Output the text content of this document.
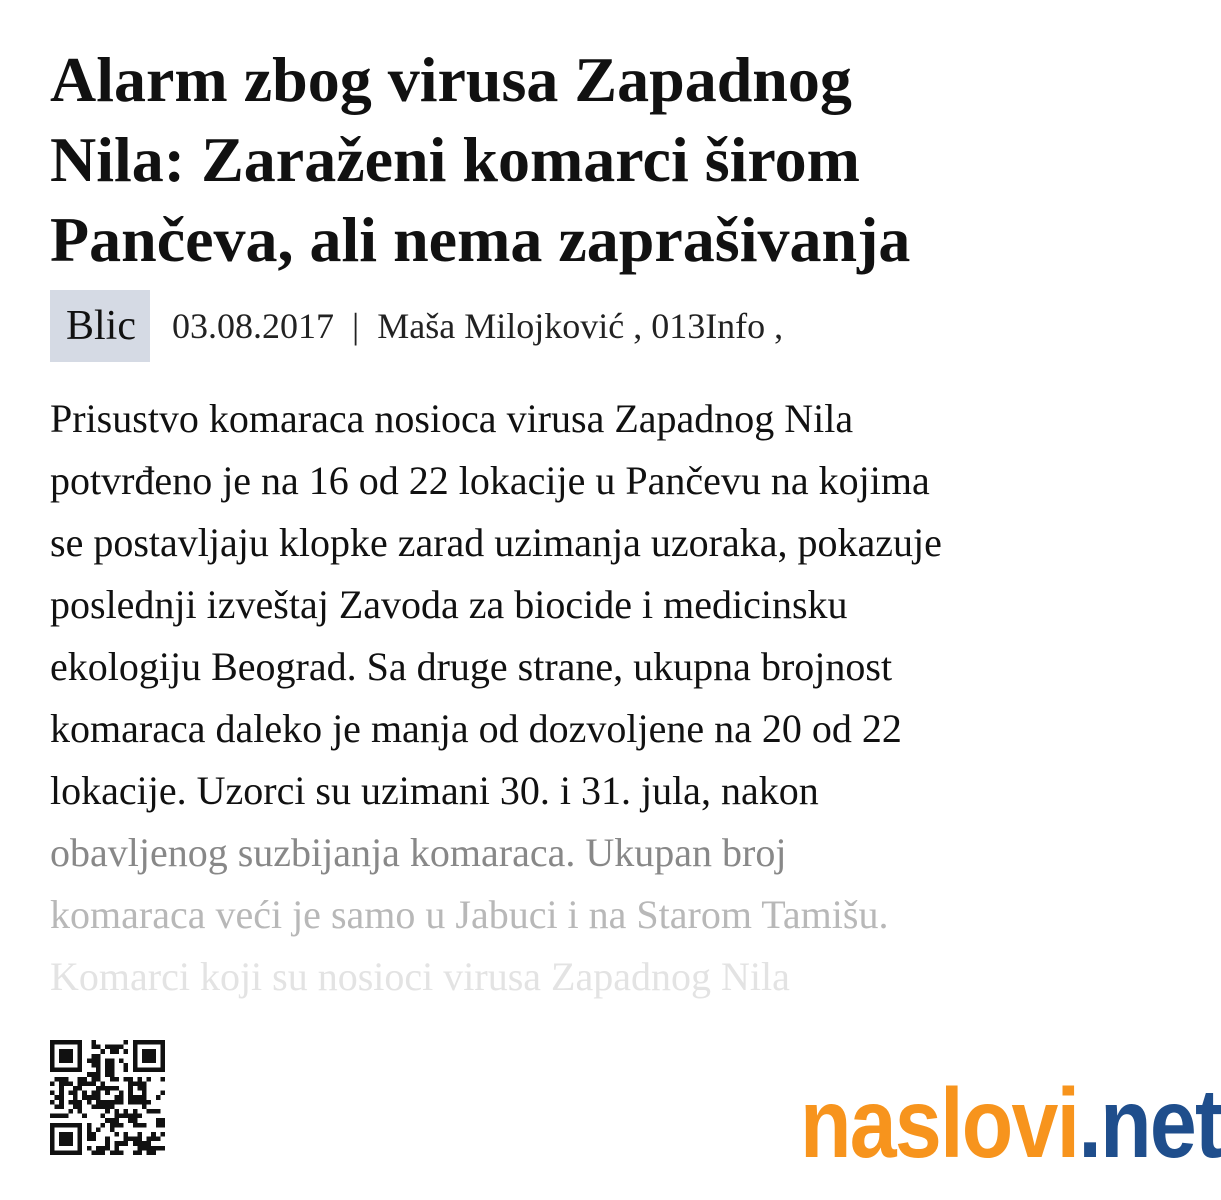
Alarm zbog virusa Zapadnog
Nila: Zaraženi komarci širom
Pančeva, ali nema zaprašivanja
Blic	03.08.2017 | Maša Milojković , 013Info ,
Prisustvo komaraca nosioca virusa Zapadnog Nila
potvrđeno je na 16 od 22 lokacije u Pančevu na kojima
se postavljaju klopke zarad uzimanja uzoraka, pokazuje
poslednji izveštaj Zavoda za biocide i medicinsku
ekologiju Beograd. Sa druge strane, ukupna brojnost
komaraca daleko je manja od dozvoljene na 20 od 22
lokacije. Uzorci su uzimani 30. i 31. jula, nakon
obavljenog suzbijanja komaraca. Ukupan broj
komaraca veći je samo u Jabuci i na Starom Tamišu.
Komarci koji su nosioci virusa Zapadnog Nila
naslovi .net
